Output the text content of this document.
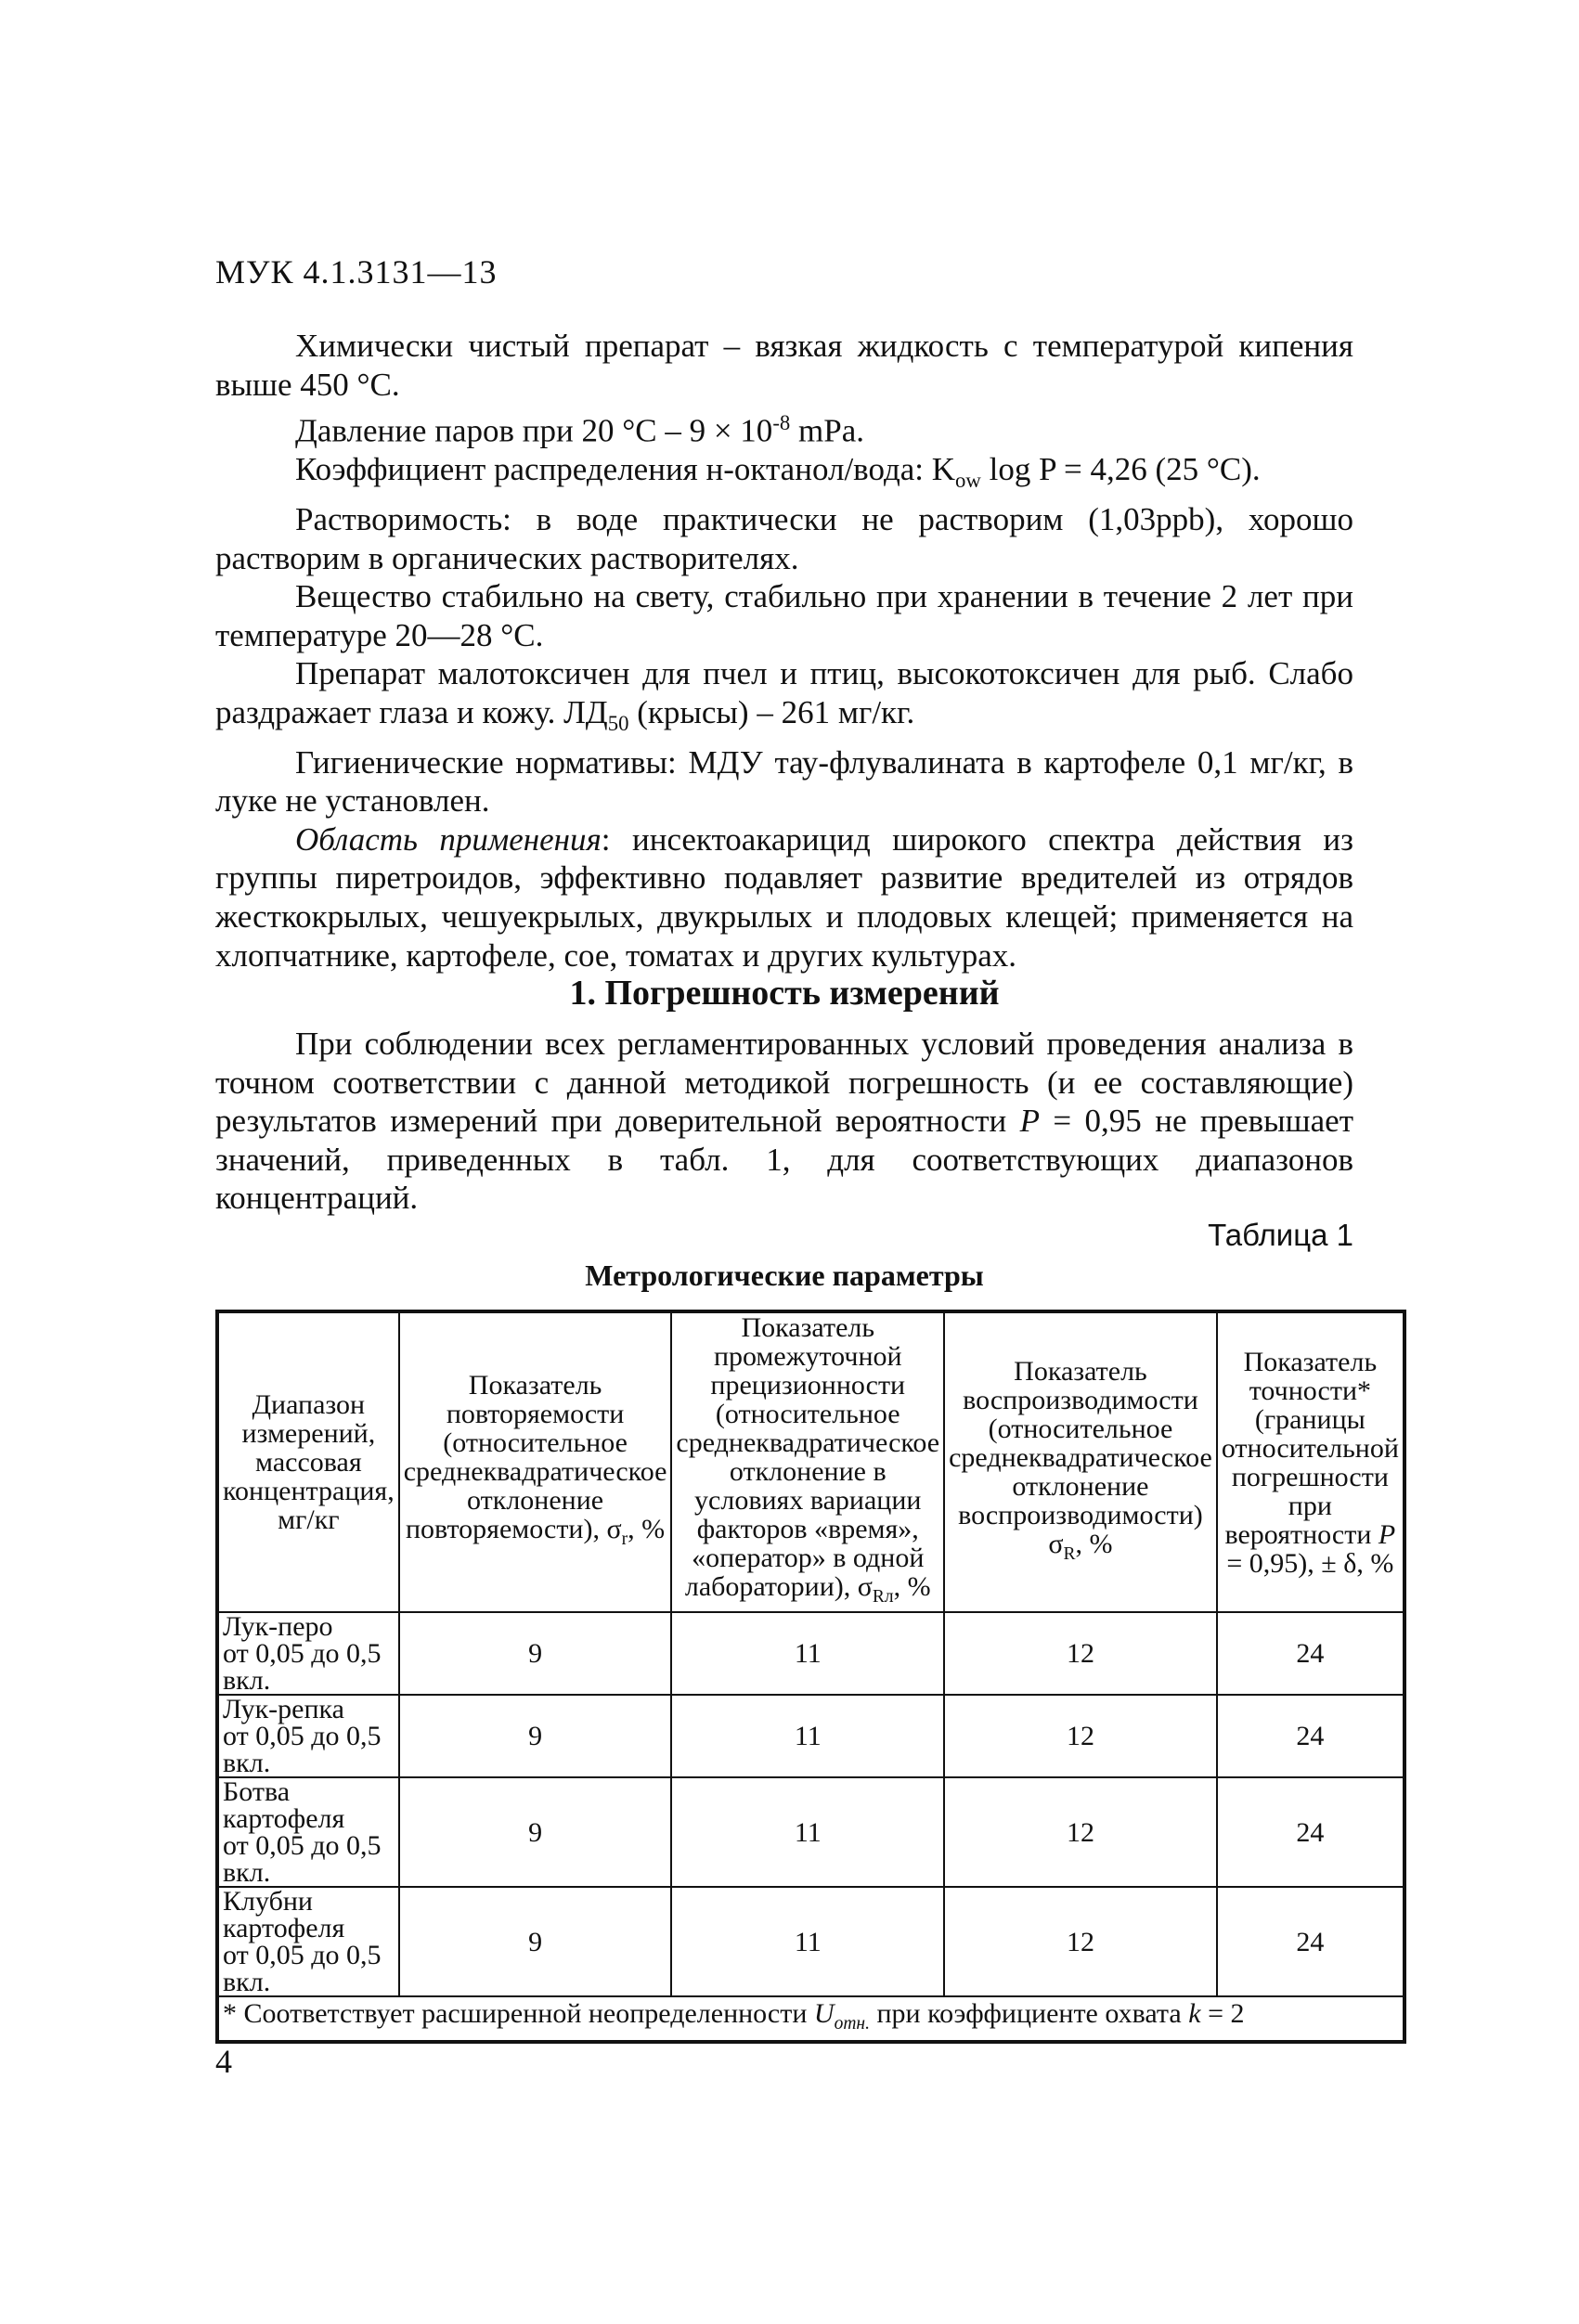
МУК 4.1.3131—13

Химически чистый препарат – вязкая жидкость с температурой кипения выше 450 °С.

Давление паров при 20 $^\circ С - 9 \times 10^{-8}$ mPa.

Коэффициент распределения н-октанол/вода: $K_{ow}$ log P = 4,26 (25 °С).

Растворимость: в воде практически не растворим (1,03ppb), хорошо растворим в органических растворителях.

Вещество стабильно на свету, стабильно при хранении в течение 2 лет при температуре 20—28 °С.

Препарат малотоксичен для пчел и птиц, высокотоксичен для рыб. Слабо раздражает глаза и кожу. $ЛД_{50}$ (крысы) – 261 мг/кг.

Гигиенические нормативы: МДУ тау-флувалината в картофеле 0,1 мг/кг, в луке не установлен.

Область применения: инсектоакарицид широкого спектра действия из группы пиретроидов, эффективно подавляет развитие вредителей из отрядов жесткокрылых, чешуекрылых, двукрылых и плодовых клещей; применяется на хлопчатнике, картофеле, сое, томатах и других культурах.

1. Погрешность измерений

При соблюдении всех регламентированных условий проведения анализа в точном соответствии с данной методикой погрешность (и ее составляющие) результатов измерений при доверительной вероятности P = 0,95 не превышает значений, приведенных в табл. 1, для соответствующих диапазонов концентраций.

Таблица 1
Метрологические параметры
Диапазон измерений, массовая концентрация, мг/кг	Показатель повторяемости (относительное среднеквадратическое отклонение повторяемости), $\sigma_r$, %	Показатель промежуточной прецизионности (относительное среднеквадратическое отклонение в условиях вариации факторов «время», «оператор» в одной лаборатории), $\sigma_{Rл}$, %	Показатель воспроизводимости (относительное среднеквадратическое отклонение воспроизводимости) $\sigma_R$, %	Показатель точности* (границы относительной погрешности при вероятности P = 0,95), ± δ, %

Лук-перо
от 0,05 до 0,5 вкл.	9	11	12	24

Лук-репка
от 0,05 до 0,5 вкл.	9	11	12	24

Ботва картофеля
от 0,05 до 0,5 вкл.	9	11	12	24

Клубни картофеля
от 0,05 до 0,5 вкл.	9	11	12	24
* Соответствует расширенной неопределенности $U_{отн.}$ при коэффициенте охвата k = 2				
4
